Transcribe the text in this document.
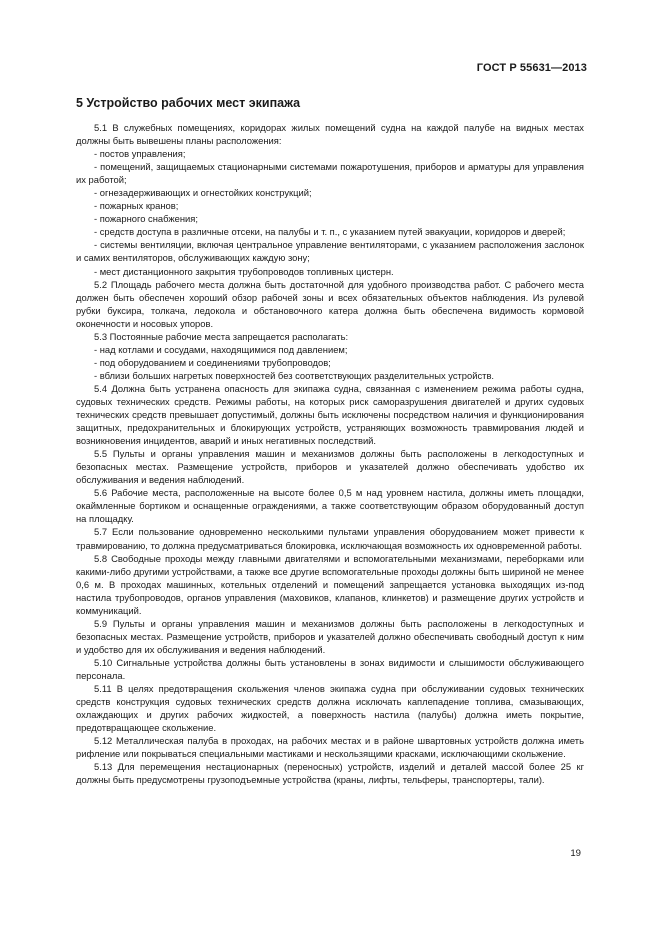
ГОСТ Р 55631—2013
5 Устройство рабочих мест экипажа

5.1 В служебных помещениях, коридорах жилых помещений судна на каждой палубе на видных местах должны быть вывешены планы расположения:

- постов управления;

- помещений, защищаемых стационарными системами пожаротушения, приборов и арматуры для управления их работой;

- огнезадерживающих и огнестойких конструкций;

- пожарных кранов;

- пожарного снабжения;

- средств доступа в различные отсеки, на палубы и т. п., с указанием путей эвакуации, коридоров и дверей;

- системы вентиляции, включая центральное управление вентиляторами, с указанием расположения заслонок и самих вентиляторов, обслуживающих каждую зону;

- мест дистанционного закрытия трубопроводов топливных цистерн.

5.2 Площадь рабочего места должна быть достаточной для удобного производства работ. С рабочего места должен быть обеспечен хороший обзор рабочей зоны и всех обязательных объектов наблюдения. Из рулевой рубки буксира, толкача, ледокола и обстановочного катера должна быть обеспечена видимость кормовой оконечности и носовых упоров.

5.3 Постоянные рабочие места запрещается располагать:

- над котлами и сосудами, находящимися под давлением;

- под оборудованием и соединениями трубопроводов;

- вблизи больших нагретых поверхностей без соответствующих разделительных устройств.

5.4 Должна быть устранена опасность для экипажа судна, связанная с изменением режима работы судна, судовых технических средств. Режимы работы, на которых риск саморазрушения двигателей и других судовых технических средств превышает допустимый, должны быть исключены посредством наличия и функционирования защитных, предохранительных и блокирующих устройств, устраняющих возможность травмирования людей и возникновения инцидентов, аварий и иных негативных последствий.

5.5 Пульты и органы управления машин и механизмов должны быть расположены в легкодоступных и безопасных местах. Размещение устройств, приборов и указателей должно обеспечивать удобство их обслуживания и ведения наблюдений.

5.6 Рабочие места, расположенные на высоте более 0,5 м над уровнем настила, должны иметь площадки, окаймленные бортиком и оснащенные ограждениями, а также соответствующим образом оборудованный доступ на площадку.

5.7 Если пользование одновременно несколькими пультами управления оборудованием может привести к травмированию, то должна предусматриваться блокировка, исключающая возможность их одновременной работы.

5.8 Свободные проходы между главными двигателями и вспомогательными механизмами, переборками или какими-либо другими устройствами, а также все другие вспомогательные проходы должны быть шириной не менее 0,6 м. В проходах машинных, котельных отделений и помещений запрещается установка выходящих из-под настила трубопроводов, органов управления (маховиков, клапанов, клинкетов) и размещение других устройств и коммуникаций.

5.9 Пульты и органы управления машин и механизмов должны быть расположены в легкодоступных и безопасных местах. Размещение устройств, приборов и указателей должно обеспечивать свободный доступ к ним и удобство для их обслуживания и ведения наблюдений.

5.10 Сигнальные устройства должны быть установлены в зонах видимости и слышимости обслуживающего персонала.

5.11 В целях предотвращения скольжения членов экипажа судна при обслуживании судовых технических средств конструкция судовых технических средств должна исключать каплепадение топлива, смазывающих, охлаждающих и других рабочих жидкостей, а поверхность настила (палубы) должна иметь покрытие, предотвращающее скольжение.

5.12 Металлическая палуба в проходах, на рабочих местах и в районе швартовных устройств должна иметь рифление или покрываться специальными мастиками и нескользящими красками, исключающими скольжение.

5.13 Для перемещения нестационарных (переносных) устройств, изделий и деталей массой более 25 кг должны быть предусмотрены грузоподъемные устройства (краны, лифты, тельферы, транспортеры, тали).

19
